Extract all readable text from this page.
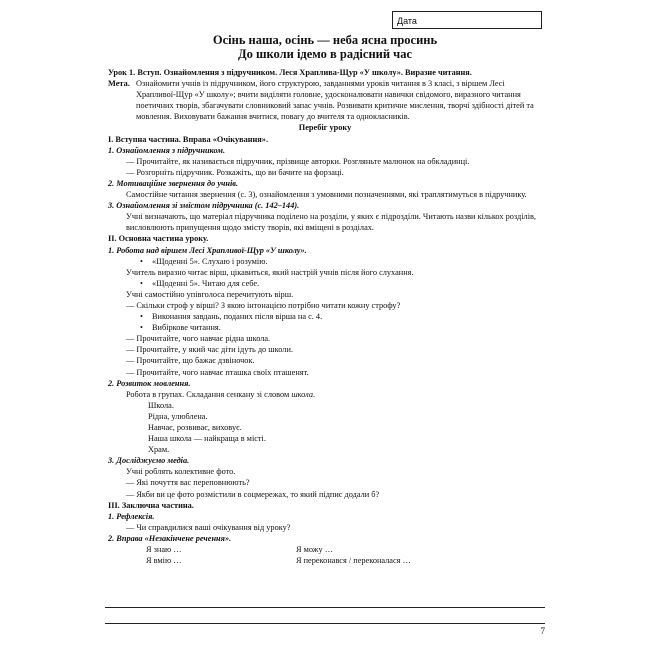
Дата
Осінь наша, осінь — неба ясна просинь
До школи ідемо в радісний час

Урок 1. Вступ. Ознайомлення з підручником. Леся Храплива-Щур «У школу». Виразне читання.

Мета. Ознайомити учнів із підручником, його структурою, завданнями уроків читання в 3 класі, з віршем Лесі Храпливої-Щур «У школу»; вчити виділяти головне, удосконалювати навички свідомого, виразного читання поетичних творів, збагачувати словниковий запас учнів. Розвивати критичне мислення, творчі здібності дітей та мовлення. Виховувати бажання вчитися, повагу до вчителя та однокласників.

Перебіг уроку

I. Вступна частина. Вправа «Очікування».

1. Ознайомлення з підручником.

— Прочитайте, як називається підручник, прізвище авторки. Розгляньте малюнок на обкладинці.

— Розгорніть підручник. Розкажіть, що ви бачите на форзаці.

2. Мотиваційне звернення до учнів.

Самостійне читання звернення (с. 3), ознайомлення з умовними позначеннями, які траплятимуться в підручнику.

3. Ознайомлення зі змістом підручника (с. 142–144).

Учні визначають, що матеріал підручника поділено на розділи, у яких є підрозділи. Читають назви кількох розділів, висловлюють припущення щодо змісту творів, які вміщені в розділах.

II. Основна частина уроку.

1. Робота над віршем Лесі Храпливої-Щур «У школу».

• «Щоденні 5». Слухаю і розумію.

Учитель виразно читає вірш, цікавиться, який настрій учнів після його слухання.

• «Щоденні 5». Читаю для себе.

Учні самостійно упівголоса перечитують вірш.

— Скільки строф у вірші? З якою інтонацією потрібно читати кожну строфу?

• Виконання завдань, поданих після вірша на с. 4.

• Вибіркове читання.

— Прочитайте, чого навчає рідна школа.

— Прочитайте, у який час діти ідуть до школи.

— Прочитайте, що бажає дзвіночок.

— Прочитайте, чого навчає пташка своїх пташенят.

2. Розвиток мовлення.

Робота в групах. Складання сенкану зі словом школа.

Школа.

Рідна, улюблена.

Навчає, розвиває, виховує.

Наша школа — найкраща в місті.

Храм.

3. Досліджуємо медіа.

Учні роблять колективне фото.

— Які почуття вас переповнюють?

— Якби ви це фото розмістили в соцмережах, то який підпис додали б?

III. Заключна частина.

1. Рефлексія.

— Чи справдилися ваші очікування від уроку?

2. Вправа «Незакінчене речення».

Я знаю …	Я можу …
Я вмію …	Я переконався / переконалася …
7
